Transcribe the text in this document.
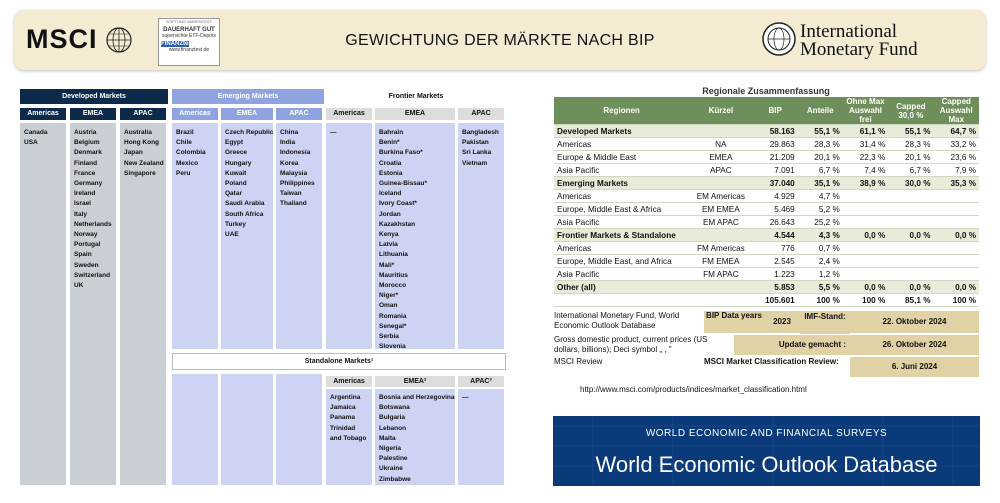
MSCI
STIFTUNG WARENTEST
DAUERHAFT GUT
supersichte ETF-Depots
FINANZtest
www.finanztest.de
GEWICHTUNG DER MÄRKTE NACH BIP	International
Monetary Fund
Developed Markets
Americas	EMEA	APAC
Emerging Markets
Americas	EMEA	APAC
Frontier Markets
Americas	EMEA	APAC
Canada
USA
Austria
Belgium
Denmark
Finland
France
Germany
Ireland
Israel
Italy
Netherlands
Norway
Portugal
Spain
Sweden
Switzerland
UK
Australia
Hong Kong
Japan
New Zealand
Singapore
Brazil
Chile
Colombia
Mexico
Peru
Czech Republic
Egypt
Greece
Hungary
Kuwait
Poland
Qatar
Saudi Arabia
South Africa
Turkey
UAE
China
India
Indonesia
Korea
Malaysia
Philippines
Taiwan
Thailand
—	Bahrain
Benin*
Burkina Faso*
Croatia
Estonia
Guinea-Bissau*
Iceland
Ivory Coast*
Jordan
Kazakhstan
Kenya
Latvia
Lithuania
Mali*
Mauritius
Morocco
Niger*
Oman
Romania
Senegal*
Serbia
Slovenia
Bangladesh
Pakistan
Sri Lanka
Vietnam
Standalone Markets¹
Americas	EMEA²	APAC³
Argentina
Jamaica
Panama
Trinidad
and Tobago
Bosnia and Herzegovina
Botswana
Bulgaria
Lebanon
Malta
Nigeria
Palestine
Ukraine
Zimbabwe
—
Regionale Zusammenfassung
Regionen	Kürzel	BIP	Anteile	Ohne Max Auswahl frei	Capped 30,0 %	Capped Auswahl Max
Developed Markets		58.163	55,1 %	61,1 %	55,1 %	64,7 %
Americas	NA	29.863	28,3 %	31,4 %	28,3 %	33,2 %
Europe & Middle East	EMEA	21.209	20,1 %	22,3 %	20,1 %	23,6 %
Asia Pacific	APAC	7.091	6,7 %	7,4 %	6,7 %	7,9 %
Emerging Markets		37.040	35,1 %	38,9 %	30,0 %	35,3 %
Americas	EM Americas	4.929	4,7 %			
Europe, Middle East & Africa	EM EMEA	5.469	5,2 %			
Asia Pacific	EM APAC	26.643	25,2 %			
Frontier Markets & Standalone		4.544	4,3 %	0,0 %	0,0 %	0,0 %
Americas	FM Americas	776	0,7 %			
Europe, Middle East, and Africa	FM EMEA	2.545	2,4 %			
Asia Pacific	FM APAC	1.223	1,2 %			
Other (all)		5.853	5,5 %	0,0 %	0,0 %	0,0 %
		105.601	100 %	100 %	85,1 %	100 %
International Monetary Fund, World Economic Outlook Database
BIP Data years
2023
IMF-Stand:
22. Oktober 2024
Gross domestic product, current prices (US dollars, billions); Deci symbol „ , "
Update gemacht :	26. Oktober 2024
MSCI Review	MSCI Market Classification Review:
6. Juni 2024
http://www.msci.com/products/indices/market_classification.html
WORLD ECONOMIC AND FINANCIAL SURVEYS
World Economic Outlook Database
